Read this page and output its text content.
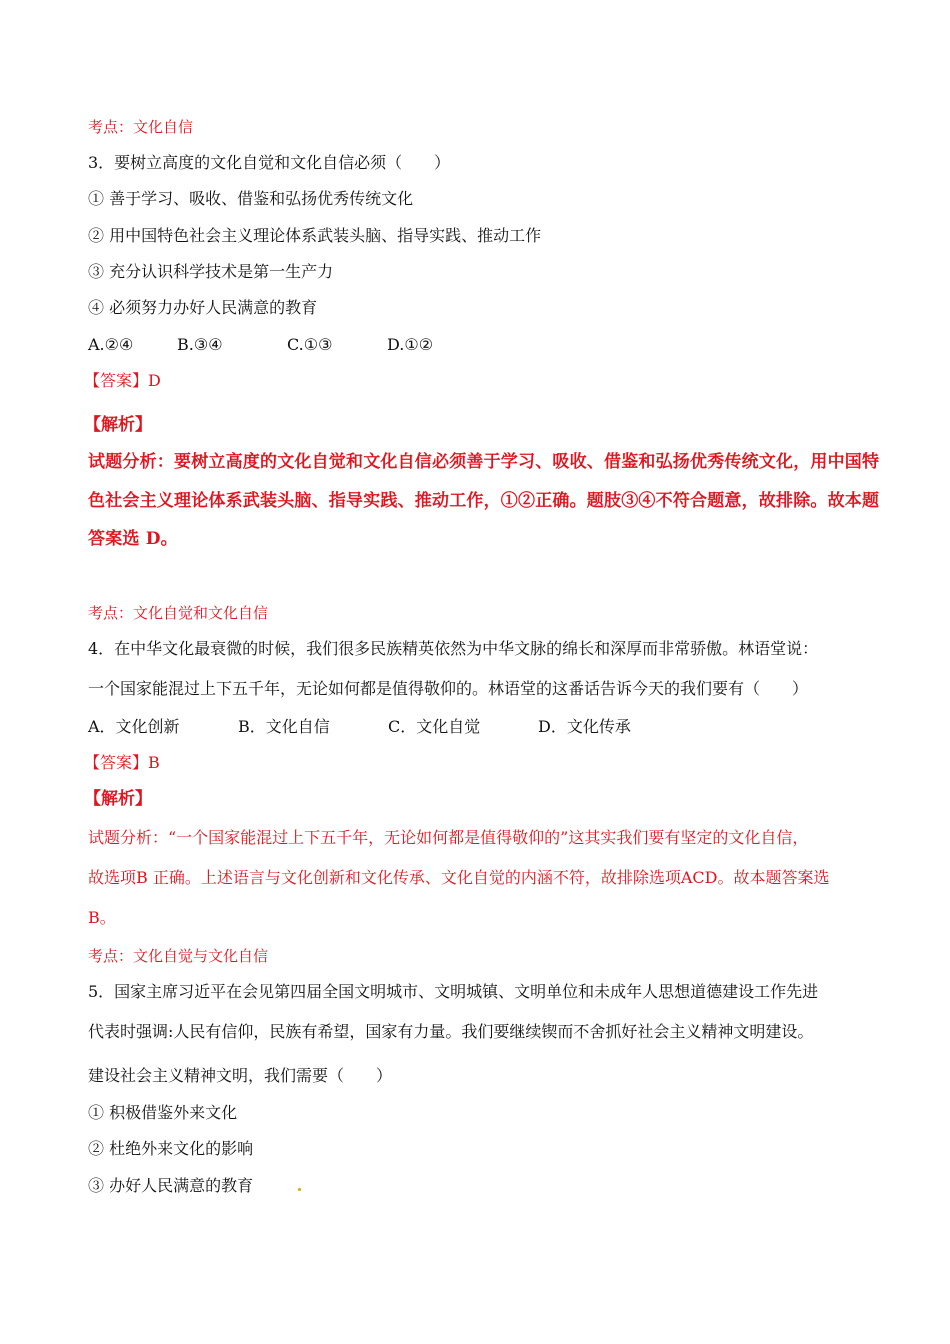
考点：文化自信
3．要树立高度的文化自觉和文化自信必须（　　）
① 善于学习、吸收、借鉴和弘扬优秀传统文化
② 用中国特色社会主义理论体系武装头脑、指导实践、推动工作
③ 充分认识科学技术是第一生产力
④ 必须努力办好人民满意的教育
A.②④	B.③④	C.①③	D.①②
【答案】D
【解析】
试题分析：要树立高度的文化自觉和文化自信必须善于学习、吸收、借鉴和弘扬优秀传统文化，用中国特
色社会主义理论体系武装头脑、指导实践、推动工作，①②正确。题肢③④不符合题意，故排除。故本题
答案选 D。
考点：文化自觉和文化自信
4．在中华文化最衰微的时候，我们很多民族精英依然为中华文脉的绵长和深厚而非常骄傲。林语堂说：
一个国家能混过上下五千年，无论如何都是值得敬仰的。林语堂的这番话告诉今天的我们要有（　　）
A．文化创新	B．文化自信	C．文化自觉	D．文化传承
【答案】B
【解析】
试题分析：“一个国家能混过上下五千年，无论如何都是值得敬仰的”这其实我们要有坚定的文化自信，
故选项B 正确。上述语言与文化创新和文化传承、文化自觉的内涵不符，故排除选项ACD。故本题答案选
B。
考点：文化自觉与文化自信
5．国家主席习近平在会见第四届全国文明城市、文明城镇、文明单位和未成年人思想道德建设工作先进
代表时强调:人民有信仰，民族有希望，国家有力量。我们要继续锲而不舍抓好社会主义精神文明建设。
建设社会主义精神文明，我们需要（　　）
① 积极借鉴外来文化
② 杜绝外来文化的影响
③ 办好人民满意的教育
